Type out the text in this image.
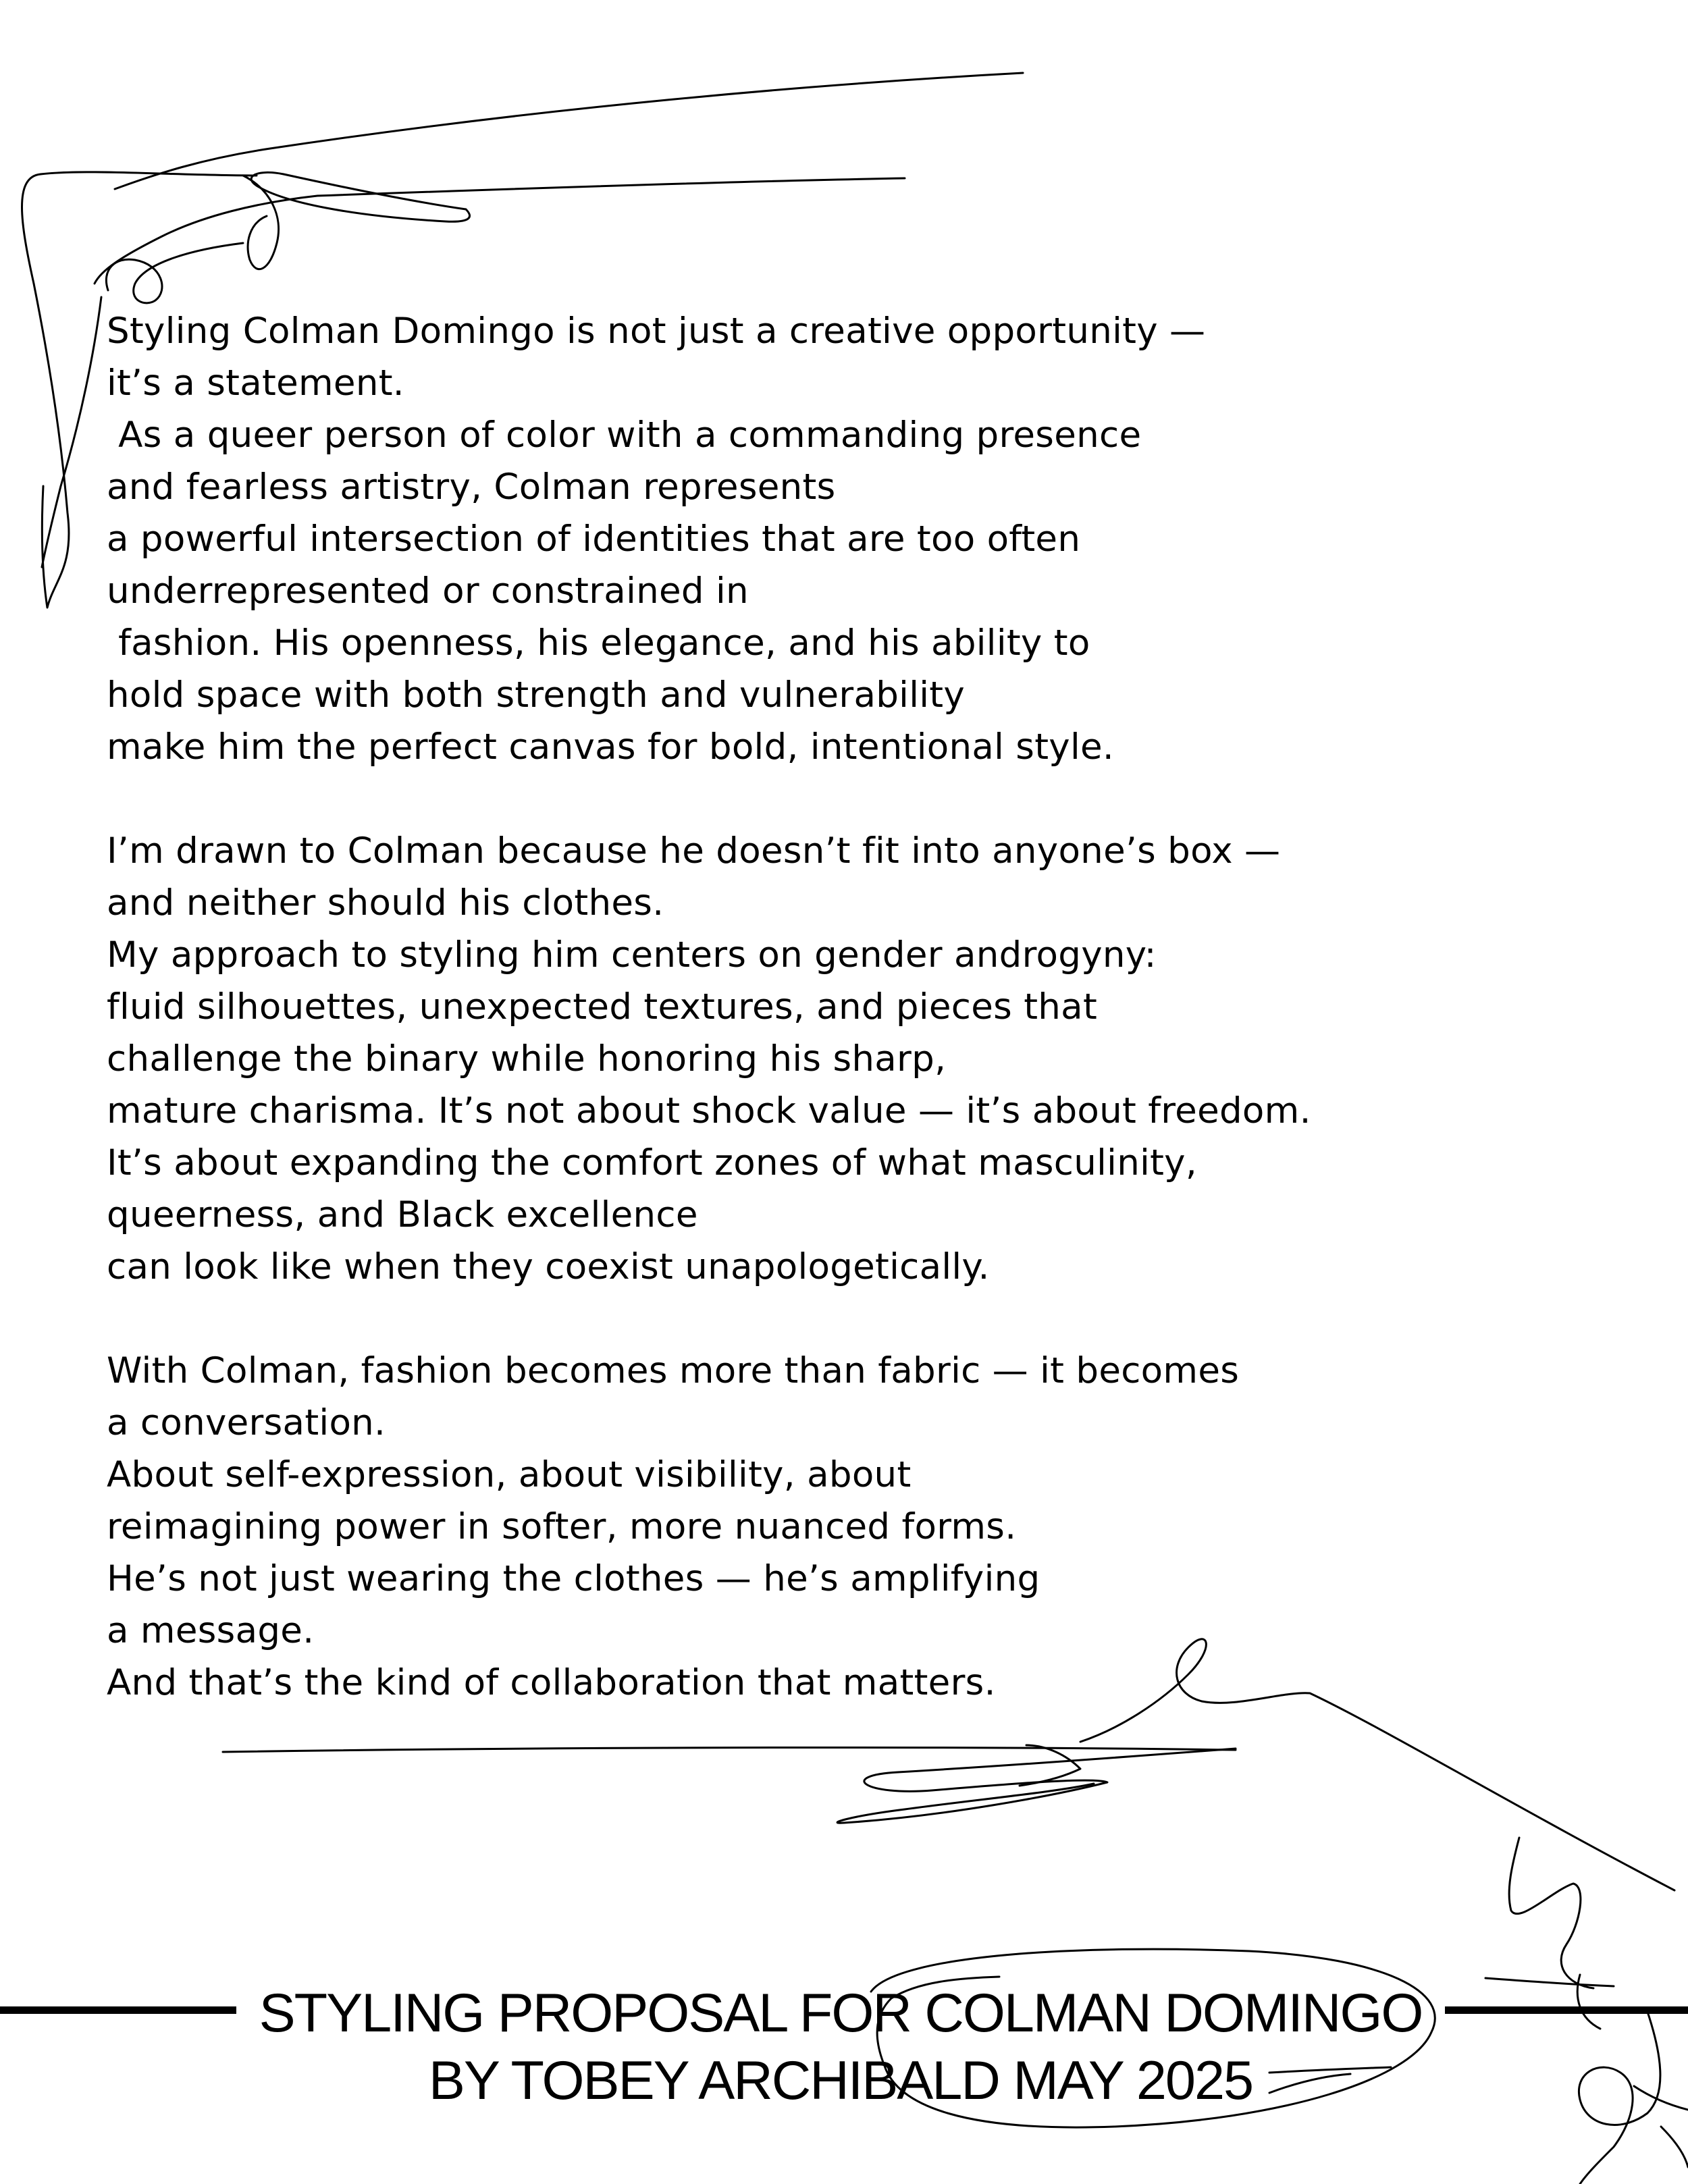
Styling Colman Domingo is not just a creative opportunity —
it’s a statement.
As a queer person of color with a commanding presence
and fearless artistry, Colman represents
a powerful intersection of identities that are too often
underrepresented or constrained in
fashion. His openness, his elegance, and his ability to
hold space with both strength and vulnerability
make him the perfect canvas for bold, intentional style.
I’m drawn to Colman because he doesn’t fit into anyone’s box —
and neither should his clothes.
My approach to styling him centers on gender androgyny:
fluid silhouettes, unexpected textures, and pieces that
challenge the binary while honoring his sharp,
mature charisma. It’s not about shock value — it’s about freedom.
It’s about expanding the comfort zones of what masculinity,
queerness, and Black excellence
can look like when they coexist unapologetically.
With Colman, fashion becomes more than fabric — it becomes
a conversation.
About self-expression, about visibility, about
reimagining power in softer, more nuanced forms.
He’s not just wearing the clothes — he’s amplifying
a message.
And that’s the kind of collaboration that matters.
STYLING PROPOSAL FOR COLMAN DOMINGO
BY TOBEY ARCHIBALD MAY 2025
